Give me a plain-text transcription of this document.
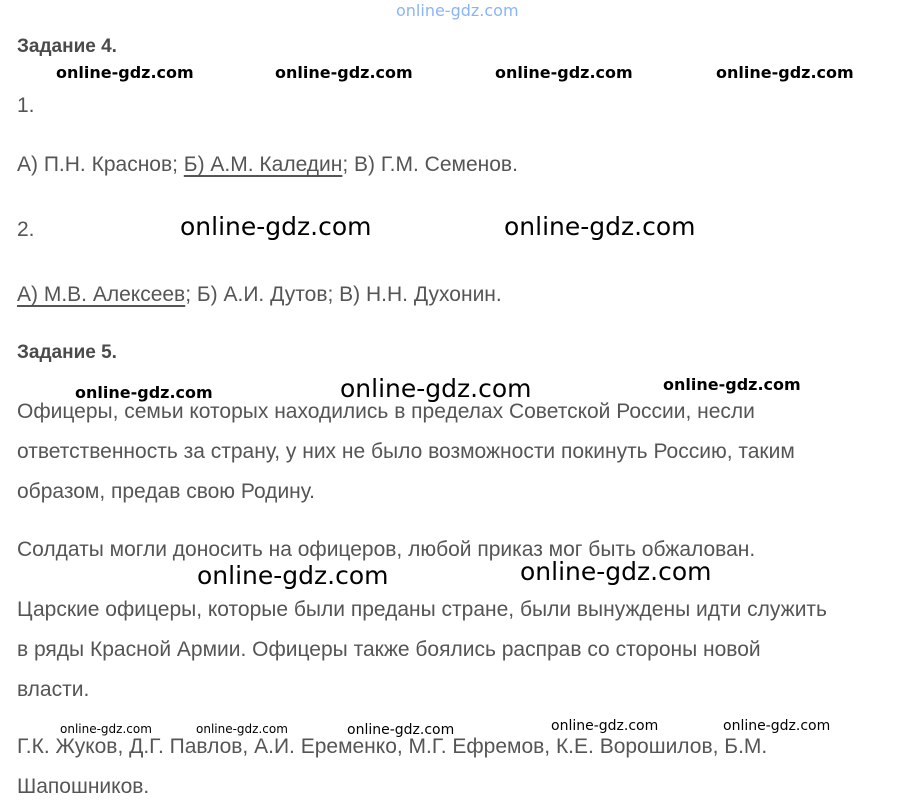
online-gdz.com
Задание 4.
online-gdz.com	online-gdz.com	online-gdz.com	online-gdz.com
1.
А) П.Н. Краснов; Б) А.М. Каледин; В) Г.М. Семенов.
2.	online-gdz.com	online-gdz.com
А) М.В. Алексеев; Б) А.И. Дутов; В) Н.Н. Духонин.
Задание 5.
online-gdz.com	online-gdz.com	online-gdz.com
Офицеры, семьи которых находились в пределах Советской России, несли
ответственность за страну, у них не было возможности покинуть Россию, таким
образом, предав свою Родину.
Солдаты могли доносить на офицеров, любой приказ мог быть обжалован.
online-gdz.com	online-gdz.com
Царские офицеры, которые были преданы стране, были вынуждены идти служить
в ряды Красной Армии. Офицеры также боялись расправ со стороны новой
власти.
online-gdz.com	online-gdz.com	online-gdz.com	online-gdz.com	online-gdz.com
Г.К. Жуков, Д.Г. Павлов, А.И. Еременко, М.Г. Ефремов, К.Е. Ворошилов, Б.М.
Шапошников.
